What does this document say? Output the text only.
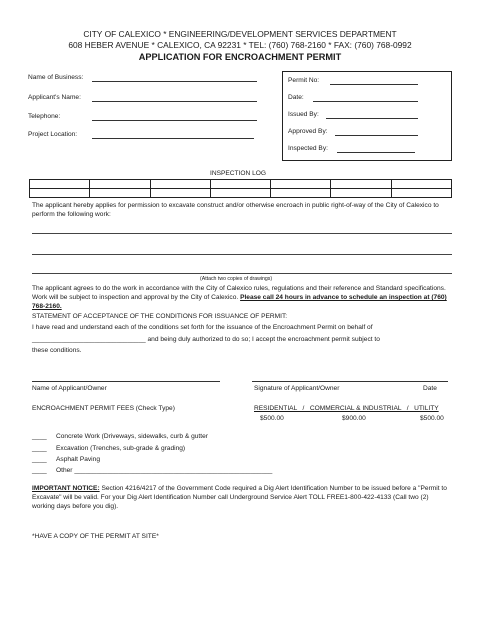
CITY OF CALEXICO * ENGINEERING/DEVELOPMENT SERVICES DEPARTMENT
608 HEBER AVENUE * CALEXICO, CA 92231 * TEL: (760) 768-2160 * FAX: (760) 768-0992
APPLICATION FOR ENCROACHMENT PERMIT
Name of Business:
Applicant's Name:
Telephone:
Project Location:
Permit No:
Date:
Issued By:
Approved By:
Inspected By:
INSPECTION LOG

The applicant hereby applies for permission to excavate construct and/or otherwise encroach in public right-of-way of the City of Calexico to perform the following work:
(Attach two copies of drawings)
The applicant agrees to do the work in accordance with the City of Calexico rules, regulations and their reference and Standard specifications. Work will be subject to inspection and approval by the City of Calexico. Please call 24 hours in advance to schedule an inspection at (760) 768-2160.
STATEMENT OF ACCEPTANCE OF THE CONDITIONS FOR ISSUANCE OF PERMIT:
I have read and understand each of the conditions set forth for the issuance of the Encroachment Permit on behalf of
_______________________________ and being duly authorized to do so; I accept the encroachment permit subject to
these conditions.
Name of Applicant/Owner	Signature of Applicant/Owner	Date
ENCROACHMENT PERMIT FEES (Check Type)	RESIDENTIAL   /   COMMERCIAL & INDUSTRIAL   /   UTILITY
$500.00	$900.00	$500.00
____ Concrete Work (Driveways, sidewalks, curb & gutter
____ Excavation (Trenches, sub-grade & grading)
____ Asphalt Paving
____ Other ______________________________________________________
IMPORTANT NOTICE: Section 4216/4217 of the Government Code required a Dig Alert Identification Number to be issued before a "Permit to Excavate" will be valid. For your Dig Alert Identification Number call Underground Service Alert TOLL FREE1-800-422-4133 (Call two (2) working days before you dig).
*HAVE A COPY OF THE PERMIT AT SITE*
